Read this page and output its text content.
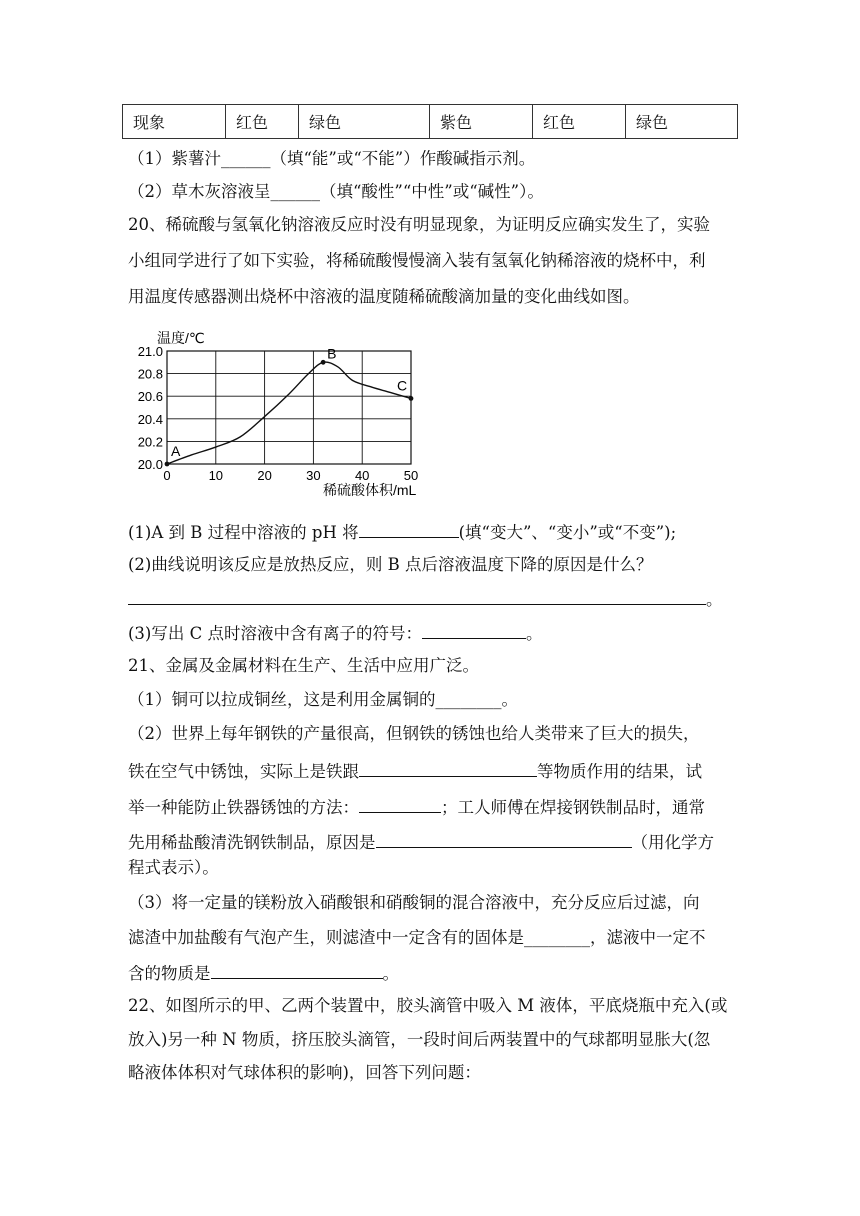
现象	红色	绿色	紫色	红色	绿色
（1）紫薯汁______（填“能”或“不能”）作酸碱指示剂。
（2）草木灰溶液呈______（填“酸性”“中性”或“碱性”）。
20、稀硫酸与氢氧化钠溶液反应时没有明显现象，为证明反应确实发生了，实验
小组同学进行了如下实验，将稀硫酸慢慢滴入装有氢氧化钠稀溶液的烧杯中，利
用温度传感器测出烧杯中溶液的温度随稀硫酸滴加量的变化曲线如图。
0	10	20	30	40	50
20.0
20.2
20.4
20.6
20.8
21.0
温度/℃
稀硫酸体积/mL
A
B
C
(1)A 到 B 过程中溶液的 pH 将	(填“变大”、“变小”或“不变”);
(2)曲线说明该反应是放热反应，则 B 点后溶液温度下降的原因是什么？
。
(3)写出 C 点时溶液中含有离子的符号：	。
21、金属及金属材料在生产、生活中应用广泛。
（1）铜可以拉成铜丝，这是利用金属铜的________。
（2）世界上每年钢铁的产量很高，但钢铁的锈蚀也给人类带来了巨大的损失，
铁在空气中锈蚀，实际上是铁跟	等物质作用的结果，试
举一种能防止铁器锈蚀的方法：	；工人师傅在焊接钢铁制品时，通常
先用稀盐酸清洗钢铁制品，原因是	（用化学方
程式表示）。
（3）将一定量的镁粉放入硝酸银和硝酸铜的混合溶液中，充分反应后过滤，向
滤渣中加盐酸有气泡产生，则滤渣中一定含有的固体是________，滤液中一定不
含的物质是	。
22、如图所示的甲、乙两个装置中，胶头滴管中吸入 M 液体，平底烧瓶中充入(或
放入)另一种 N 物质，挤压胶头滴管，一段时间后两装置中的气球都明显胀大(忽
略液体体积对气球体积的影响)，回答下列问题：
